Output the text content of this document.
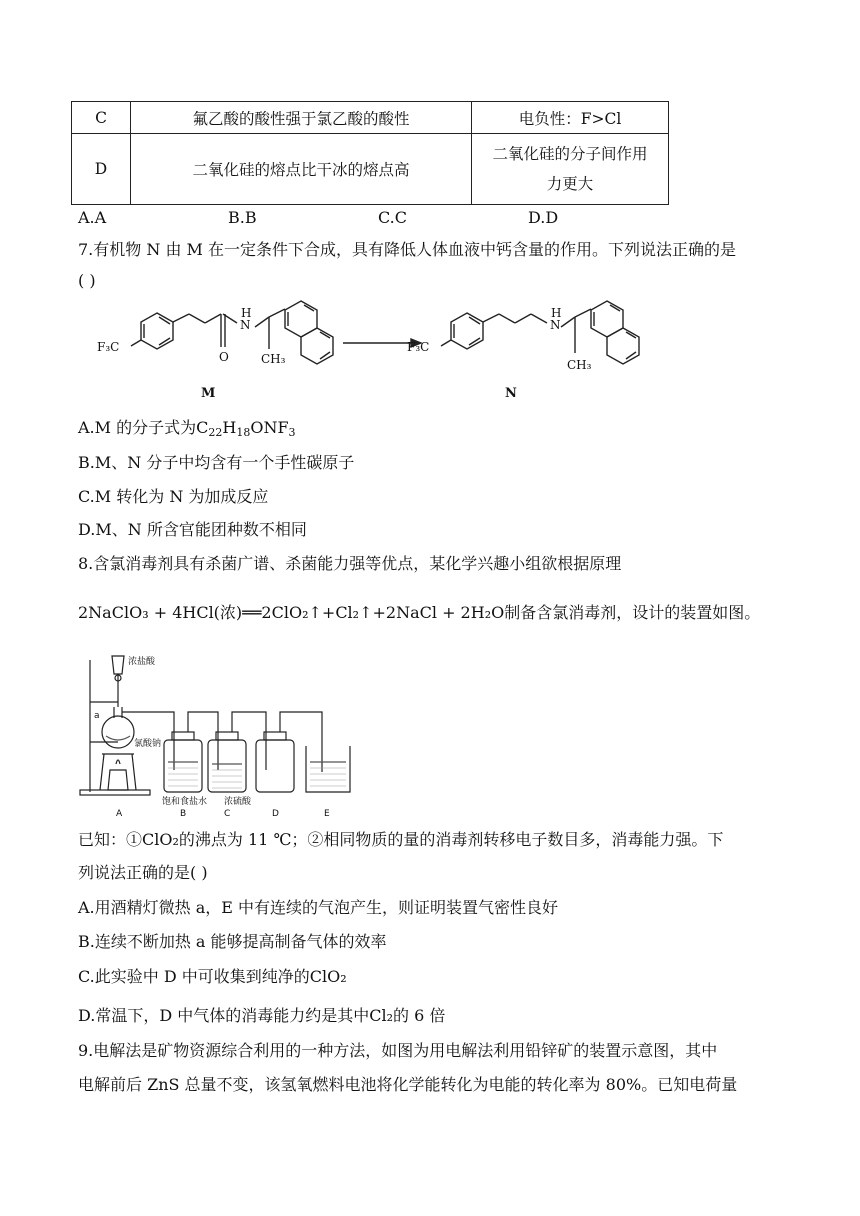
C	氟乙酸的酸性强于氯乙酸的酸性	电负性：F>Cl
D	二氧化硅的熔点比干冰的熔点高	二氧化硅的分子间作用
力更大
A.A	B.B	C.C	D.D
7.有机物 N 由 M 在一定条件下合成，具有降低人体血液中钙含量的作用。下列说法正确的是
( )
F₃C
N
H
O	CH₃
F₃C
N
H
CH₃
M	N
A.M 的分子式为$C_{22}H_{18}ONF_3$
B.M、N 分子中均含有一个手性碳原子
C.M 转化为 N 为加成反应
D.M、N 所含官能团种数不相同
8.含氯消毒剂具有杀菌广谱、杀菌能力强等优点，某化学兴趣小组欲根据原理
2NaClO₃ + 4HCl(浓)══2ClO₂↑+Cl₂↑+2NaCl + 2H₂O制备含氯消毒剂，设计的装置如图。
浓盐酸
氯酸钠
a
饱和食盐水 浓硫酸
A	B	C	D	E
已知：①ClO₂的沸点为 11 ℃；②相同物质的量的消毒剂转移电子数目多，消毒能力强。下
列说法正确的是( )
A.用酒精灯微热 a，E 中有连续的气泡产生，则证明装置气密性良好
B.连续不断加热 a 能够提高制备气体的效率
C.此实验中 D 中可收集到纯净的ClO₂
D.常温下，D 中气体的消毒能力约是其中Cl₂的 6 倍
9.电解法是矿物资源综合利用的一种方法，如图为用电解法利用铅锌矿的装置示意图，其中
电解前后 ZnS 总量不变，该氢氧燃料电池将化学能转化为电能的转化率为 80%。已知电荷量
